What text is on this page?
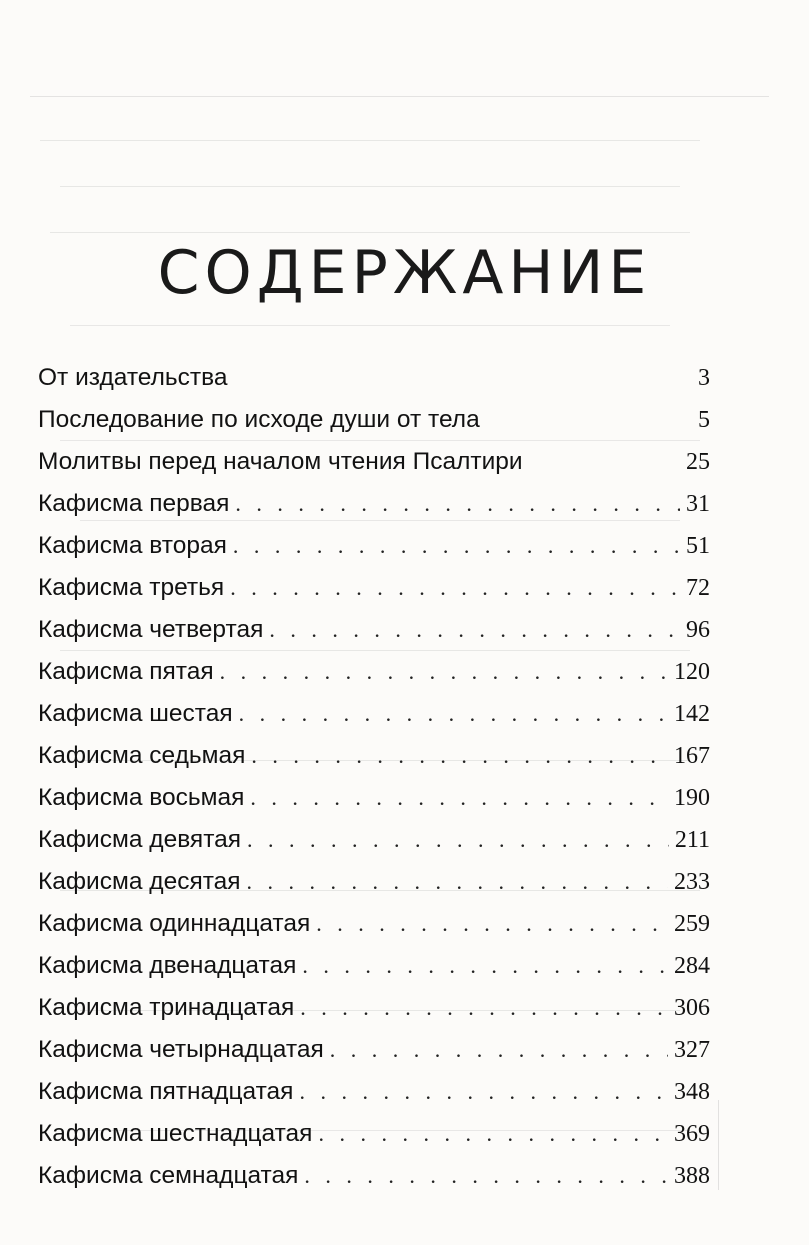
СОДЕРЖАНИЕ
От издательства	3
Последование по исходе души от тела	5
Молитвы перед началом чтения Псалтири	25
Кафисма первая . . .	31
Кафисма вторая . . .	51
Кафисма третья . . .	72
Кафисма четвертая . . .	96
Кафисма пятая . . .	120
Кафисма шестая . . .	142
Кафисма седьмая . . .	167
Кафисма восьмая . . .	190
Кафисма девятая . . .	211
Кафисма десятая . . .	233
Кафисма одиннадцатая . . .	259
Кафисма двенадцатая . . .	284
Кафисма тринадцатая . . .	306
Кафисма четырнадцатая . . .	327
Кафисма пятнадцатая . . .	348
Кафисма шестнадцатая . . .	369
Кафисма семнадцатая . . .	388
